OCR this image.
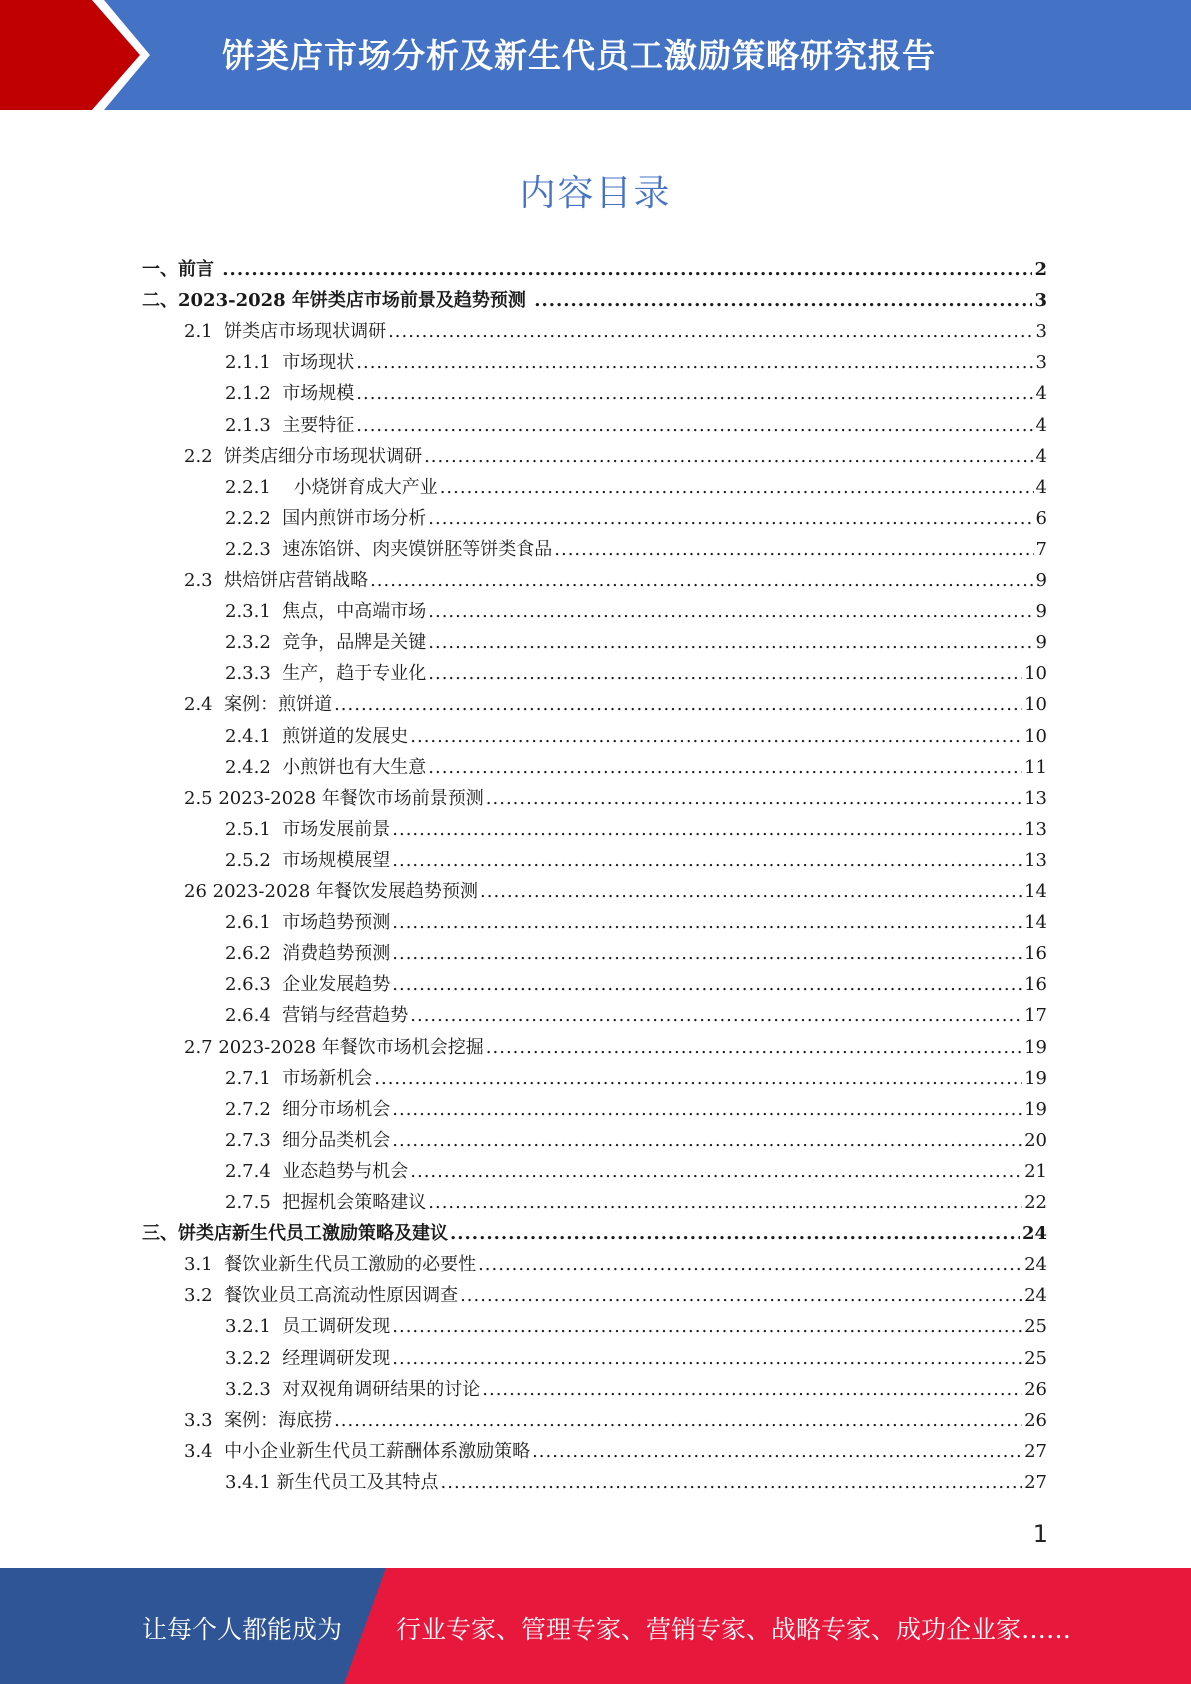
饼类店市场分析及新生代员工激励策略研究报告
内容目录
一、前言 .....	2
二、2023-2028 年饼类店市场前景及趋势预测 .....	3
2.1  饼类店市场现状调研 .....	3
2.1.1  市场现状 .....	3
2.1.2  市场规模 .....	4
2.1.3  主要特征 .....	4
2.2  饼类店细分市场现状调研 .....	4
2.2.1    小烧饼育成大产业 .....	4
2.2.2  国内煎饼市场分析 .....	6
2.2.3  速冻馅饼、肉夹馍饼胚等饼类食品 .....	7
2.3  烘焙饼店营销战略 .....	9
2.3.1  焦点，中高端市场 .....	9
2.3.2  竞争，品牌是关键 .....	9
2.3.3  生产，趋于专业化 .....	10
2.4  案例：煎饼道 .....	10
2.4.1  煎饼道的发展史 .....	10
2.4.2  小煎饼也有大生意 .....	11
2.5 2023-2028 年餐饮市场前景预测 .....	13
2.5.1  市场发展前景 .....	13
2.5.2  市场规模展望 .....	13
26 2023-2028 年餐饮发展趋势预测 .....	14
2.6.1  市场趋势预测 .....	14
2.6.2  消费趋势预测 .....	16
2.6.3  企业发展趋势 .....	16
2.6.4  营销与经营趋势 .....	17
2.7 2023-2028 年餐饮市场机会挖掘 .....	19
2.7.1  市场新机会 .....	19
2.7.2  细分市场机会 .....	19
2.7.3  细分品类机会 .....	20
2.7.4  业态趋势与机会 .....	21
2.7.5  把握机会策略建议 .....	22
三、饼类店新生代员工激励策略及建议 .....	24
3.1  餐饮业新生代员工激励的必要性 .....	24
3.2  餐饮业员工高流动性原因调查 .....	24
3.2.1  员工调研发现 .....	25
3.2.2  经理调研发现 .....	25
3.2.3  对双视角调研结果的讨论 .....	26
3.3  案例：海底捞 .....	26
3.4  中小企业新生代员工薪酬体系激励策略 .....	27
3.4.1 新生代员工及其特点 .....	27
1
让每个人都能成为 行业专家、管理专家、营销专家、战略专家、成功企业家……
